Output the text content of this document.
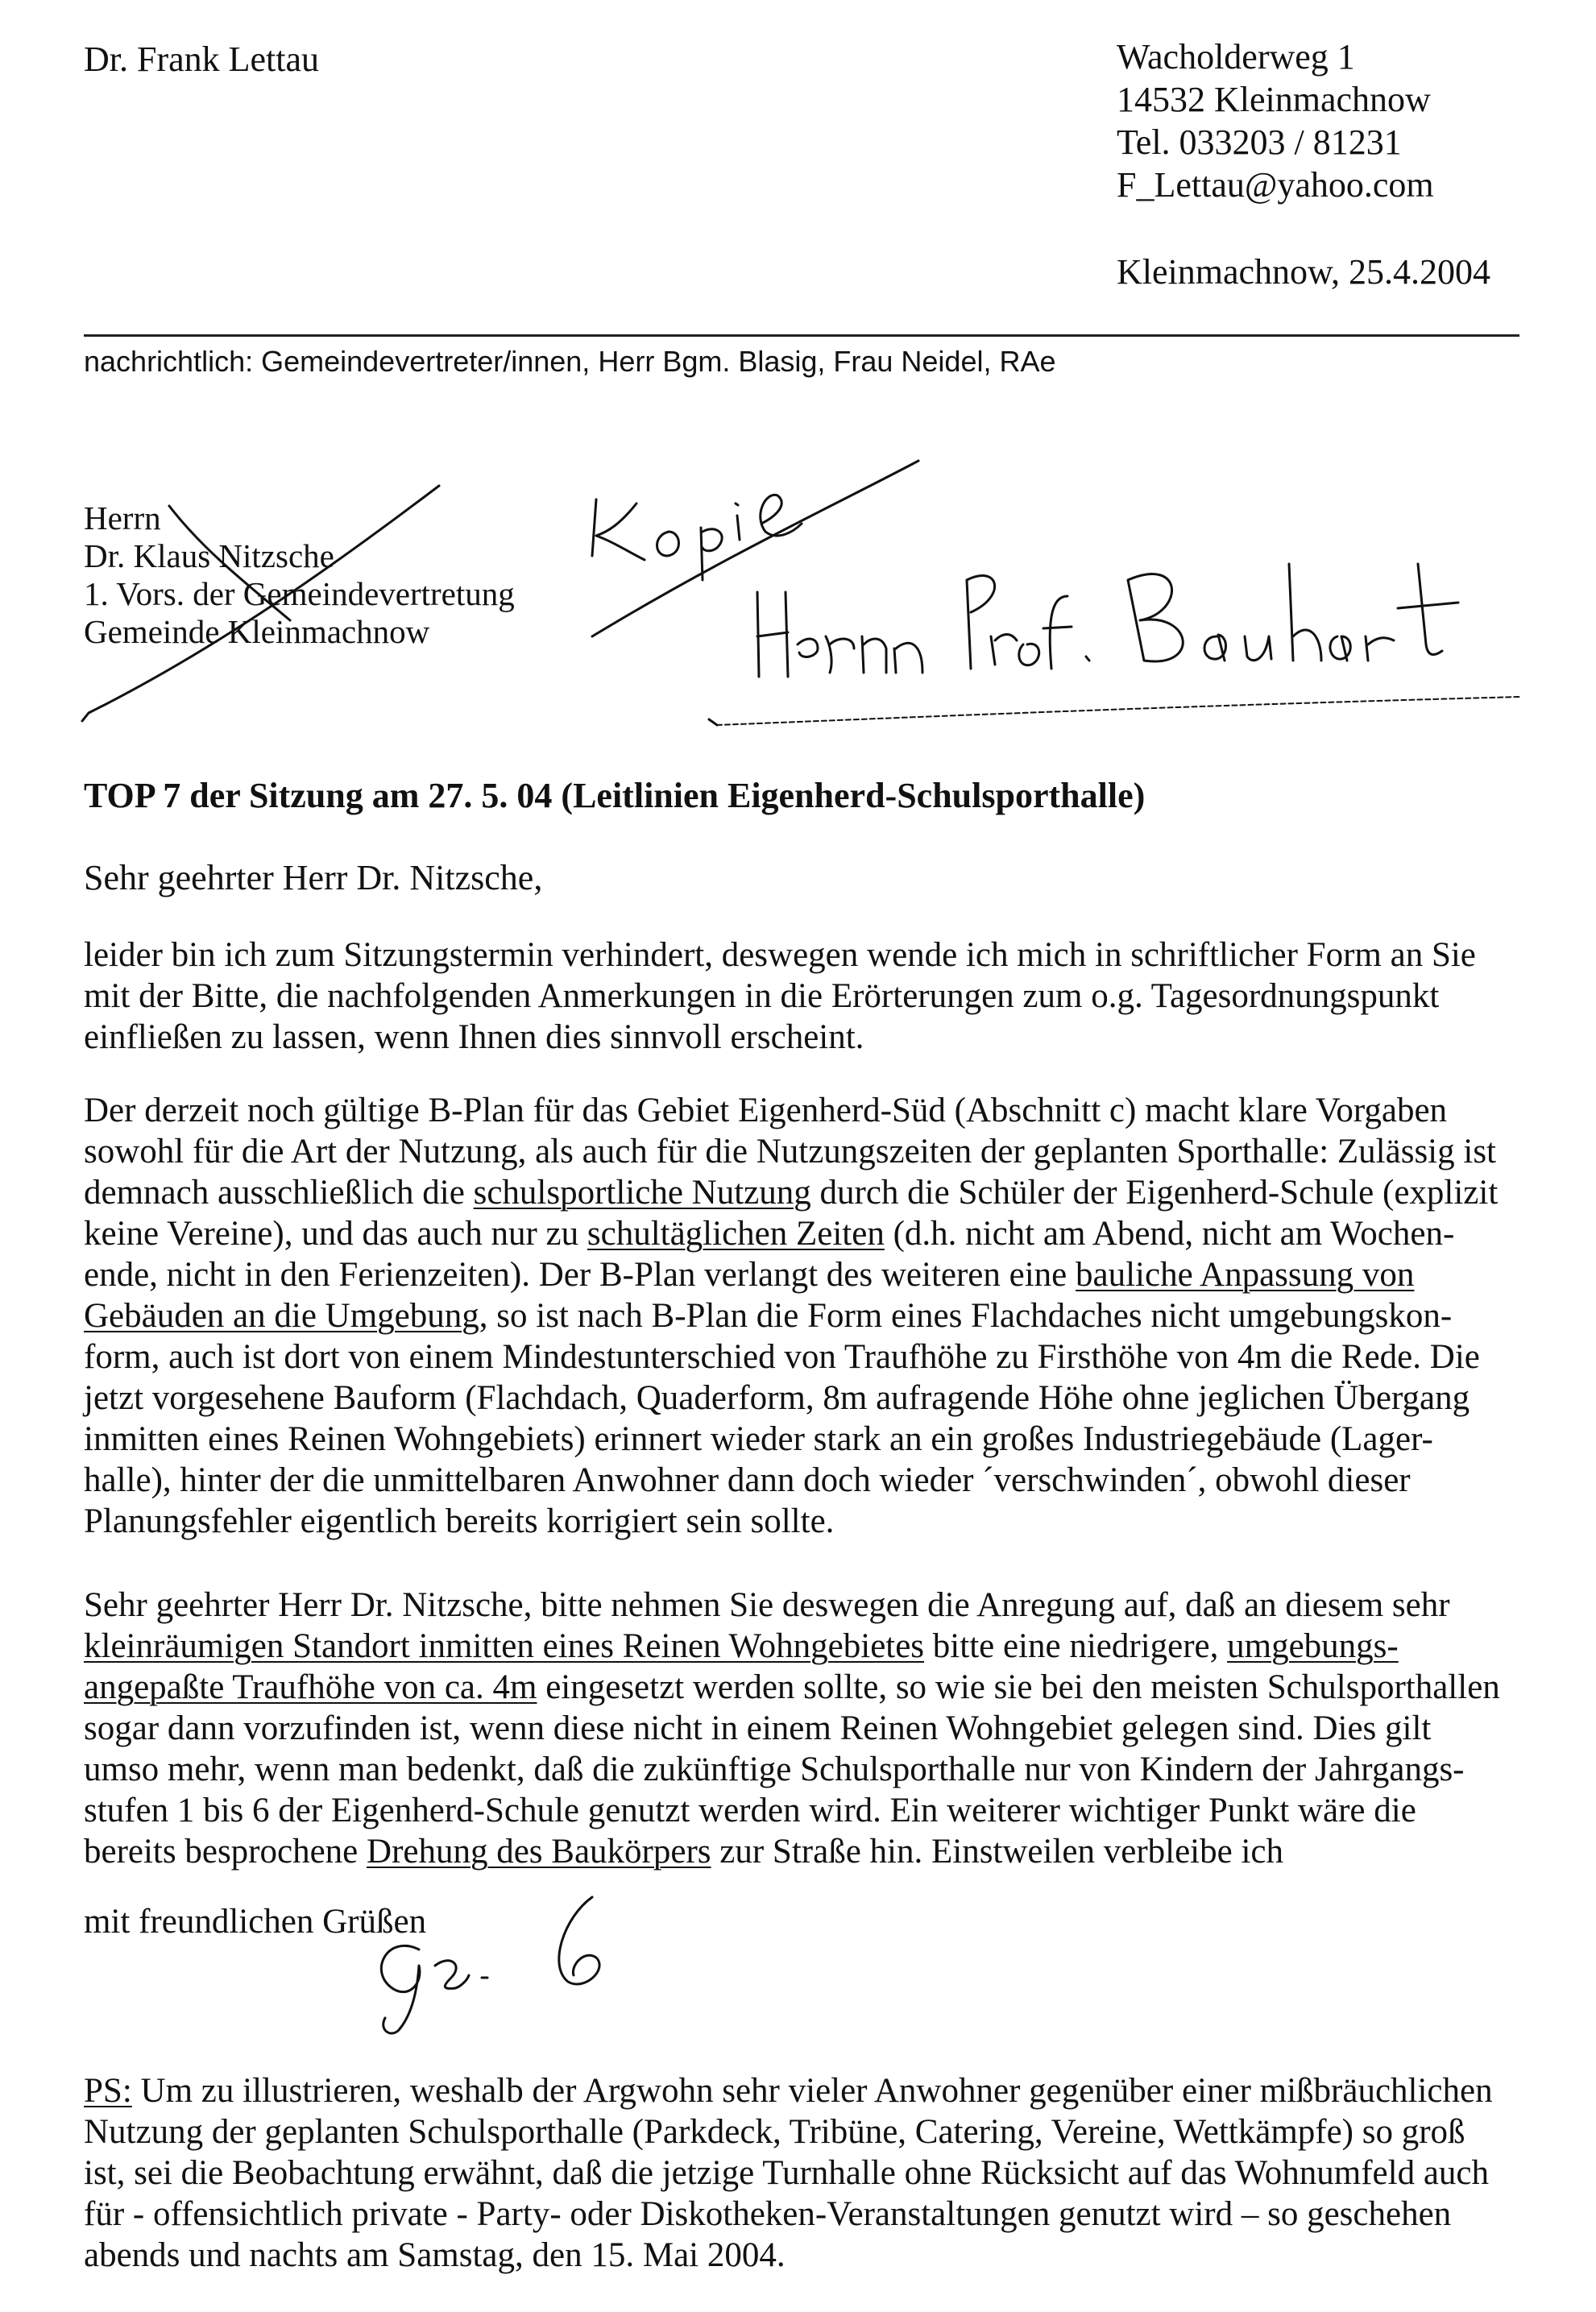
Dr. Frank Lettau	Wacholderweg 1
14532 Kleinmachnow
Tel. 033203 / 81231
F_Lettau@yahoo.com
Kleinmachnow, 25.4.2004
nachrichtlich: Gemeindevertreter/innen, Herr Bgm. Blasig, Frau Neidel, RAe
Herrn
Dr. Klaus Nitzsche
1. Vors. der Gemeindevertretung
Gemeinde Kleinmachnow
TOP 7 der Sitzung am 27. 5. 04 (Leitlinien Eigenherd-Schulsporthalle)
Sehr geehrter Herr Dr. Nitzsche,
leider bin ich zum Sitzungstermin verhindert, deswegen wende ich mich in schriftlicher Form an Sie
mit der Bitte, die nachfolgenden Anmerkungen in die Erörterungen zum o.g. Tagesordnungspunkt
einfließen zu lassen, wenn Ihnen dies sinnvoll erscheint.
Der derzeit noch gültige B-Plan für das Gebiet Eigenherd-Süd (Abschnitt c) macht klare Vorgaben
sowohl für die Art der Nutzung, als auch für die Nutzungszeiten der geplanten Sporthalle: Zulässig ist
demnach ausschließlich die schulsportliche Nutzung durch die Schüler der Eigenherd-Schule (explizit
keine Vereine), und das auch nur zu schultäglichen Zeiten (d.h. nicht am Abend, nicht am Wochen-
ende, nicht in den Ferienzeiten). Der B-Plan verlangt des weiteren eine bauliche Anpassung von
Gebäuden an die Umgebung, so ist nach B-Plan die Form eines Flachdaches nicht umgebungskon-
form, auch ist dort von einem Mindestunterschied von Traufhöhe zu Firsthöhe von 4m die Rede. Die
jetzt vorgesehene Bauform (Flachdach, Quaderform, 8m aufragende Höhe ohne jeglichen Übergang
inmitten eines Reinen Wohngebiets) erinnert wieder stark an ein großes Industriegebäude (Lager-
halle), hinter der die unmittelbaren Anwohner dann doch wieder ´verschwinden´, obwohl dieser
Planungsfehler eigentlich bereits korrigiert sein sollte.
Sehr geehrter Herr Dr. Nitzsche, bitte nehmen Sie deswegen die Anregung auf, daß an diesem sehr
kleinräumigen Standort inmitten eines Reinen Wohngebietes bitte eine niedrigere, umgebungs-
angepaßte Traufhöhe von ca. 4m eingesetzt werden sollte, so wie sie bei den meisten Schulsporthallen
sogar dann vorzufinden ist, wenn diese nicht in einem Reinen Wohngebiet gelegen sind. Dies gilt
umso mehr, wenn man bedenkt, daß die zukünftige Schulsporthalle nur von Kindern der Jahrgangs-
stufen 1 bis 6 der Eigenherd-Schule genutzt werden wird. Ein weiterer wichtiger Punkt wäre die
bereits besprochene Drehung des Baukörpers zur Straße hin. Einstweilen verbleibe ich
mit freundlichen Grüßen
PS: Um zu illustrieren, weshalb der Argwohn sehr vieler Anwohner gegenüber einer mißbräuchlichen
Nutzung der geplanten Schulsporthalle (Parkdeck, Tribüne, Catering, Vereine, Wettkämpfe) so groß
ist, sei die Beobachtung erwähnt, daß die jetzige Turnhalle ohne Rücksicht auf das Wohnumfeld auch
für - offensichtlich private - Party- oder Diskotheken-Veranstaltungen genutzt wird – so geschehen
abends und nachts am Samstag, den 15. Mai 2004.
